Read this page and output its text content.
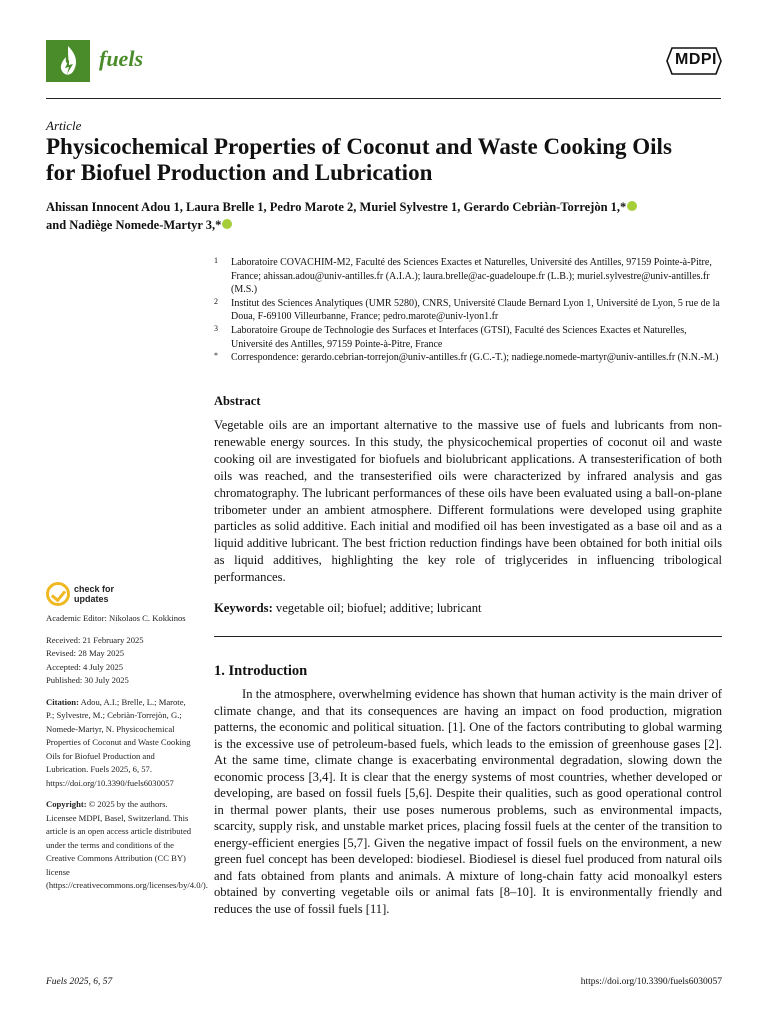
fuels	MDPI
Article
Physicochemical Properties of Coconut and Waste Cooking Oils
for Biofuel Production and Lubrication
Ahissan Innocent Adou 1, Laura Brelle 1, Pedro Marote 2, Muriel Sylvestre 1, Gerardo Cebriàn-Torrejòn 1,*
and Nadiège Nomede-Martyr 3,*
1	Laboratoire COVACHIM-M2, Faculté des Sciences Exactes et Naturelles, Université des Antilles, 97159 Pointe-à-Pitre, France; ahissan.adou@univ-antilles.fr (A.I.A.); laura.brelle@ac-guadeloupe.fr (L.B.); muriel.sylvestre@univ-antilles.fr (M.S.)
2	Institut des Sciences Analytiques (UMR 5280), CNRS, Université Claude Bernard Lyon 1, Université de Lyon, 5 rue de la Doua, F-69100 Villeurbanne, France; pedro.marote@univ-lyon1.fr
3	Laboratoire Groupe de Technologie des Surfaces et Interfaces (GTSI), Faculté des Sciences Exactes et Naturelles, Université des Antilles, 97159 Pointe-à-Pitre, France
*	Correspondence: gerardo.cebrian-torrejon@univ-antilles.fr (G.C.-T.); nadiege.nomede-martyr@univ-antilles.fr (N.N.-M.)
Abstract
Vegetable oils are an important alternative to the massive use of fuels and lubricants from non-renewable energy sources. In this study, the physicochemical properties of coconut oil and waste cooking oil are investigated for biofuels and biolubricant applications. A transesterification of both oils was reached, and the transesterified oils were characterized by infrared analysis and gas chromatography. The lubricant performances of these oils have been evaluated using a ball-on-plane tribometer under an ambient atmosphere. Different formulations were developed using graphite particles as solid additive. Each initial and modified oil has been investigated as a base oil and as a liquid additive lubricant. The best friction reduction findings have been obtained for both initial oils as liquid additives, highlighting the key role of triglycerides in influencing tribological performances.
Keywords: vegetable oil; biofuel; additive; lubricant
1. Introduction
In the atmosphere, overwhelming evidence has shown that human activity is the main driver of climate change, and that its consequences are having an impact on food production, migration patterns, the economic and political situation. [1]. One of the factors contributing to global warming is the excessive use of petroleum-based fuels, which leads to the emission of greenhouse gases [2]. At the same time, climate change is exacerbating environmental degradation, slowing down the economic process [3,4]. It is clear that the energy systems of most countries, whether developed or developing, are based on fossil fuels [5,6]. Despite their qualities, such as good operational control in thermal power plants, their use poses numerous problems, such as environmental impacts, scarcity, supply risk, and unstable market prices, placing fossil fuels at the center of the transition to energy-efficient energies [5,7]. Given the negative impact of fossil fuels on the environment, a new green fuel concept has been developed: biodiesel. Biodiesel is diesel fuel produced from natural oils and fats obtained from plants and animals. A mixture of long-chain fatty acid monoalkyl esters obtained by converting vegetable oils or animal fats [8–10]. It is environmentally friendly and reduces the use of fossil fuels [11].
check for
updates
Academic Editor: Nikolaos C. Kokkinos
Received: 21 February 2025
Revised: 28 May 2025
Accepted: 4 July 2025
Published: 30 July 2025
Citation: Adou, A.I.; Brelle, L.; Marote, P.; Sylvestre, M.; Cebriàn-Torrejòn, G.; Nomede-Martyr, N. Physicochemical Properties of Coconut and Waste Cooking Oils for Biofuel Production and Lubrication. Fuels 2025, 6, 57. https://doi.org/10.3390/fuels6030057
Copyright: © 2025 by the authors. Licensee MDPI, Basel, Switzerland. This article is an open access article distributed under the terms and conditions of the Creative Commons Attribution (CC BY) license (https://creativecommons.org/licenses/by/4.0/).
Fuels 2025, 6, 57	https://doi.org/10.3390/fuels6030057
